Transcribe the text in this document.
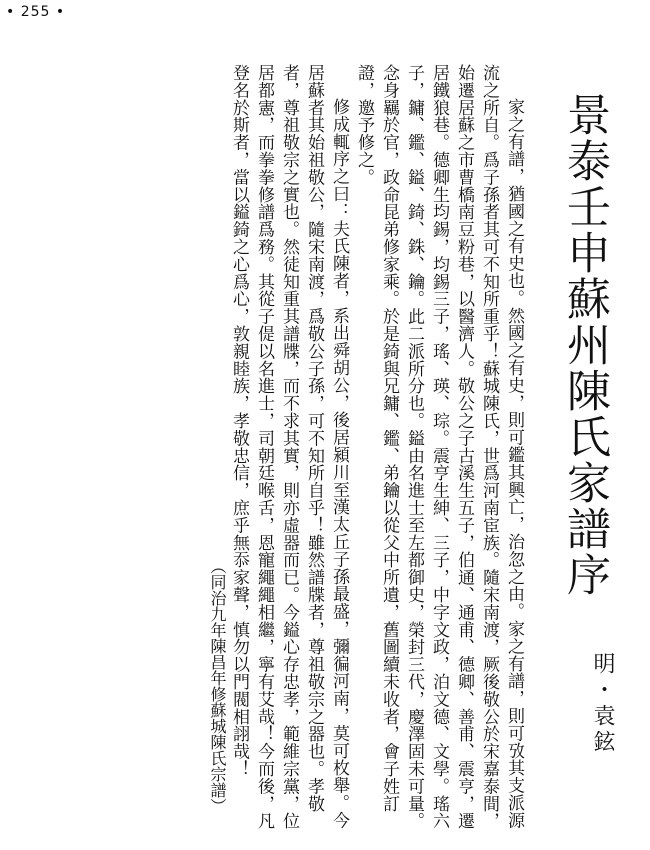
• 255 •
景泰壬申蘇州陳氏家譜序
明・袁鉉

家之有譜，猶國之有史也。然國之有史，則可鑑其興亡，治忽之由。家之有譜，則可攷其支派源流之所自。爲子孫者其可不知所重乎！蘇城陳氏，世爲河南宦族。隨宋南渡，厥後敬公於宋嘉泰間，始遷居蘇之市曹橋南豆粉巷，以醫濟人。敬公之子古溪生五子，伯通、通甫、德卿、善甫、震亨，遷居鐵狼巷。德卿生均錫，均錫三子，瑤、瑛、琮。震亨生紳、三子，中字文政，泊文德、文學。瑤六子，鏞、鑑、鎰、錡、銖、鑰。此二派所分也。鎰由名進士至左都御史，榮封三代，慶澤固未可量。念身羈於官，政命昆弟修家乘。於是錡與兄鏞、鑑、弟鑰以從父中所遺，舊圖續未收者，會子姓訂證，邀予修之。

修成輒序之曰：夫氏陳者，系出舜胡公，後居潁川至漢太丘子孫最盛，彌徧河南，莫可枚舉。今居蘇者其始祖敬公，隨宋南渡，爲敬公子孫，可不知所自乎！雖然譜牒者，尊祖敬宗之器也。孝敬者，尊祖敬宗之實也。然徒知重其譜牒，而不求其實，則亦虛器而已。今鎰心存忠孝，範維宗黨，位居都憲，而拳拳修譜爲務。其從子偍以名進士，司朝廷喉舌，恩寵繩繩相繼，寧有艾哉！今而後，凡登名於斯者，當以鎰錡之心爲心，敦親睦族，孝敬忠信，庶乎無忝家聲，慎勿以門閥相詡哉！

（同治九年陳昌年修蘇城陳氏宗譜）
